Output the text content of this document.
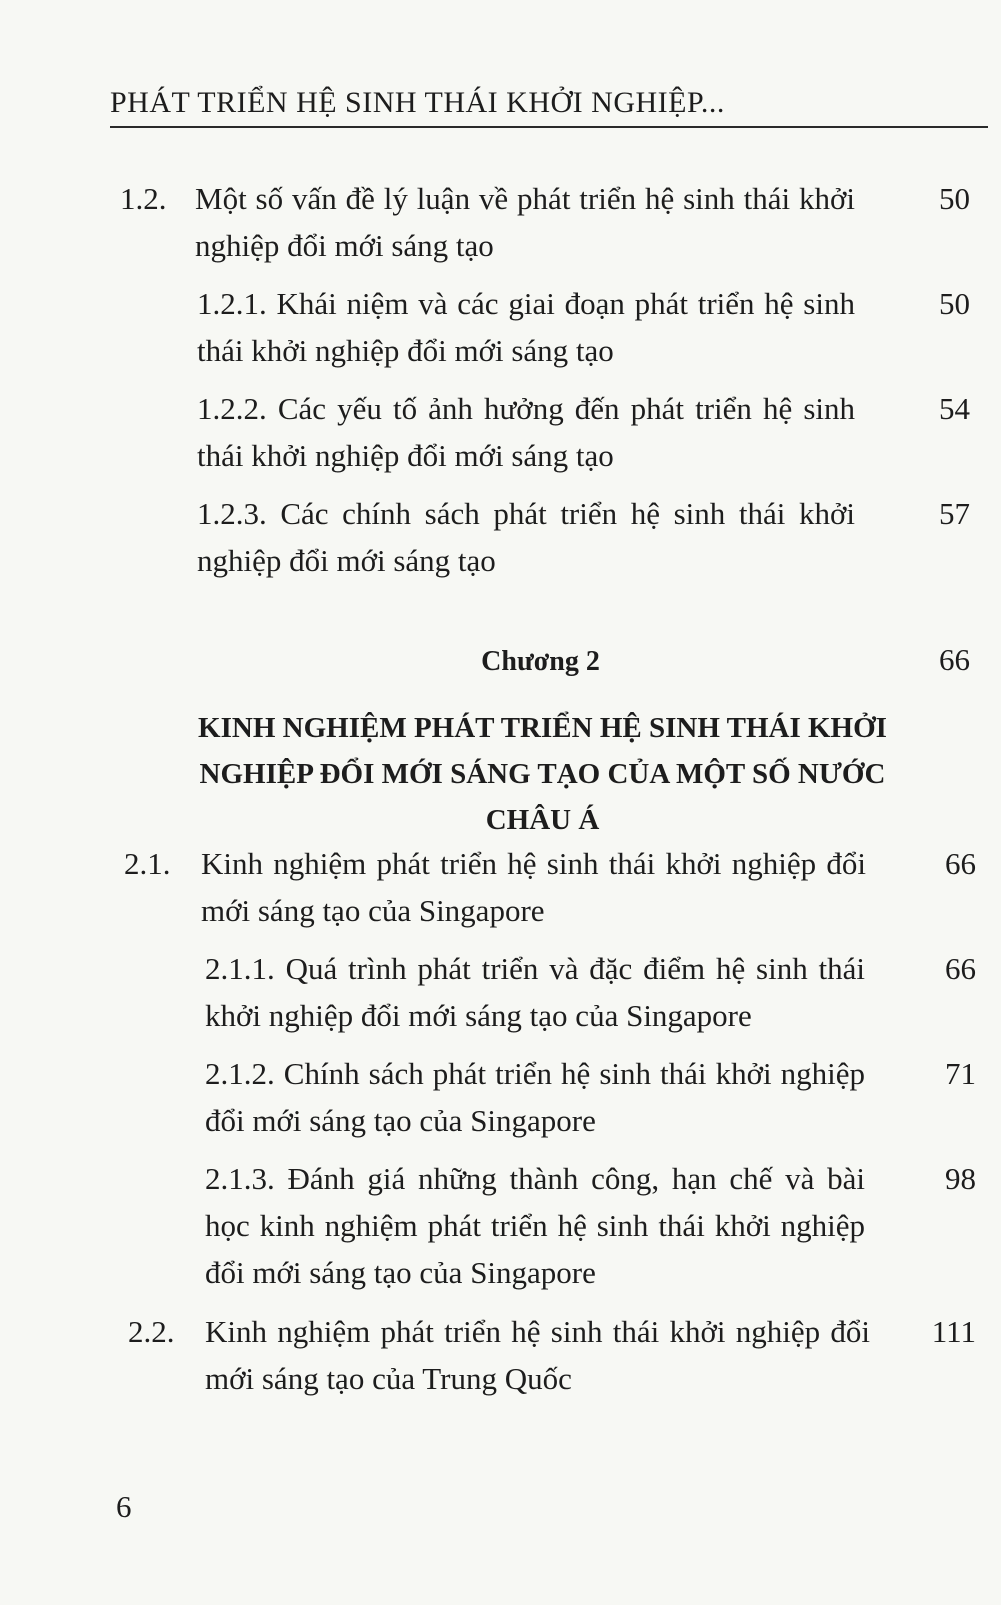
PHÁT TRIỂN HỆ SINH THÁI KHỞI NGHIỆP...
1.2. Một số vấn đề lý luận về phát triển hệ sinh thái khởi nghiệp đổi mới sáng tạo
50
1.2.1. Khái niệm và các giai đoạn phát triển hệ sinh thái khởi nghiệp đổi mới sáng tạo
50
1.2.2. Các yếu tố ảnh hưởng đến phát triển hệ sinh thái khởi nghiệp đổi mới sáng tạo
54
1.2.3. Các chính sách phát triển hệ sinh thái khởi nghiệp đổi mới sáng tạo
57
Chương 2	66
KINH NGHIỆM PHÁT TRIỂN HỆ SINH THÁI KHỞI NGHIỆP ĐỔI MỚI SÁNG TẠO CỦA MỘT SỐ NƯỚC CHÂU Á
2.1. Kinh nghiệm phát triển hệ sinh thái khởi nghiệp đổi mới sáng tạo của Singapore
66
2.1.1. Quá trình phát triển và đặc điểm hệ sinh thái khởi nghiệp đổi mới sáng tạo của Singapore
66
2.1.2. Chính sách phát triển hệ sinh thái khởi nghiệp đổi mới sáng tạo của Singapore
71
2.1.3. Đánh giá những thành công, hạn chế và bài học kinh nghiệm phát triển hệ sinh thái khởi nghiệp đổi mới sáng tạo của Singapore
98
2.2. Kinh nghiệm phát triển hệ sinh thái khởi nghiệp đổi mới sáng tạo của Trung Quốc
111
6
